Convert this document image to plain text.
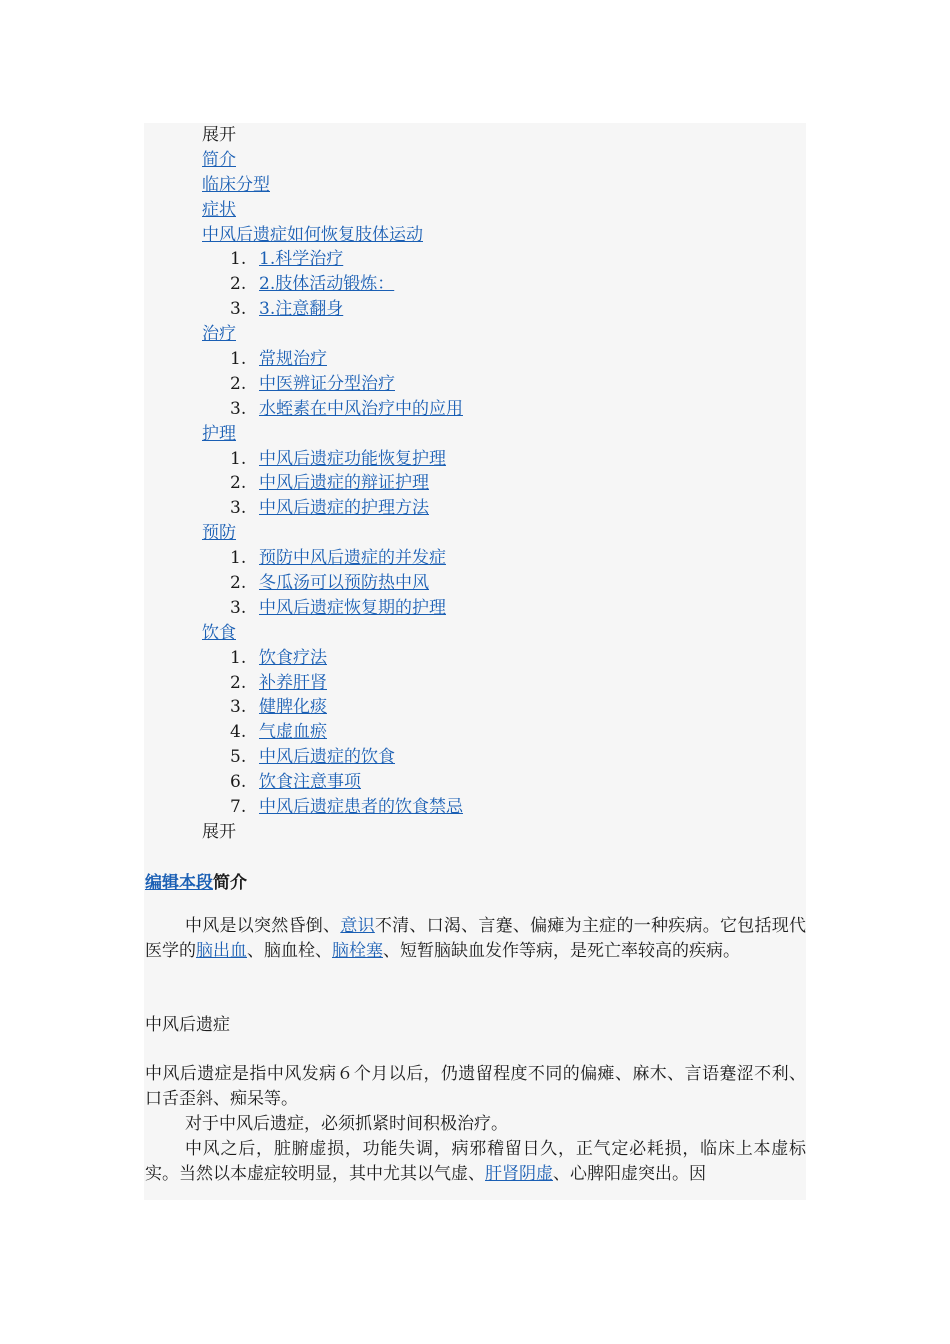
展开
简介
临床分型
症状
中风后遗症如何恢复肢体运动
1. 1.科学治疗
2. 2.肢体活动锻炼：
3. 3.注意翻身
治疗
1. 常规治疗
2. 中医辨证分型治疗
3. 水蛭素在中风治疗中的应用
护理
1. 中风后遗症功能恢复护理
2. 中风后遗症的辩证护理
3. 中风后遗症的护理方法
预防
1. 预防中风后遗症的并发症
2. 冬瓜汤可以预防热中风
3. 中风后遗症恢复期的护理
饮食
1. 饮食疗法
2. 补养肝肾
3. 健脾化痰
4. 气虚血瘀
5. 中风后遗症的饮食
6. 饮食注意事项
7. 中风后遗症患者的饮食禁忌
展开
编辑本段简介
中风是以突然昏倒、意识不清、口渴、言蹇、偏瘫为主症的一种疾病。它包括现代医学的脑出血、脑血栓、脑栓塞、短暂脑缺血发作等病，是死亡率较高的疾病。
中风后遗症
中风后遗症是指中风发病６个月以后，仍遗留程度不同的偏瘫、麻木、言语蹇涩不利、口舌歪斜、痴呆等。
对于中风后遗症，必须抓紧时间积极治疗。
中风之后，脏腑虚损，功能失调，病邪稽留日久，正气定必耗损，临床上本虚标实。当然以本虚症较明显，其中尤其以气虚、肝肾阴虚、心脾阳虚突出。因
